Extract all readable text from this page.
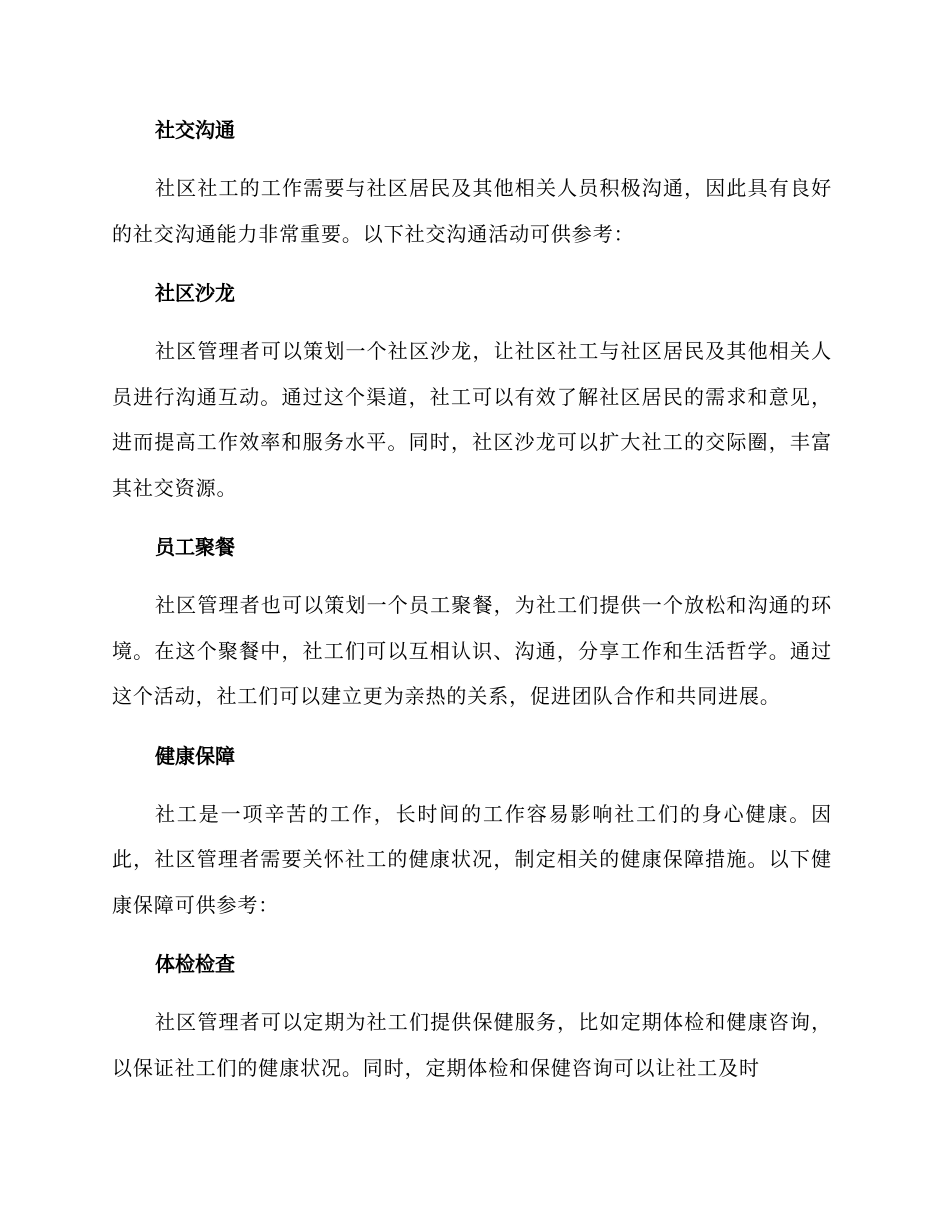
社交沟通

社区社工的工作需要与社区居民及其他相关人员积极沟通，因此具有良好的社交沟通能力非常重要。以下社交沟通活动可供参考：

社区沙龙

社区管理者可以策划一个社区沙龙，让社区社工与社区居民及其他相关人员进行沟通互动。通过这个渠道，社工可以有效了解社区居民的需求和意见，进而提高工作效率和服务水平。同时，社区沙龙可以扩大社工的交际圈，丰富其社交资源。

员工聚餐

社区管理者也可以策划一个员工聚餐，为社工们提供一个放松和沟通的环境。在这个聚餐中，社工们可以互相认识、沟通，分享工作和生活哲学。通过这个活动，社工们可以建立更为亲热的关系，促进团队合作和共同进展。

健康保障

社工是一项辛苦的工作，长时间的工作容易影响社工们的身心健康。因此，社区管理者需要关怀社工的健康状况，制定相关的健康保障措施。以下健康保障可供参考：

体检检查

社区管理者可以定期为社工们提供保健服务，比如定期体检和健康咨询，以保证社工们的健康状况。同时，定期体检和保健咨询可以让社工及时
